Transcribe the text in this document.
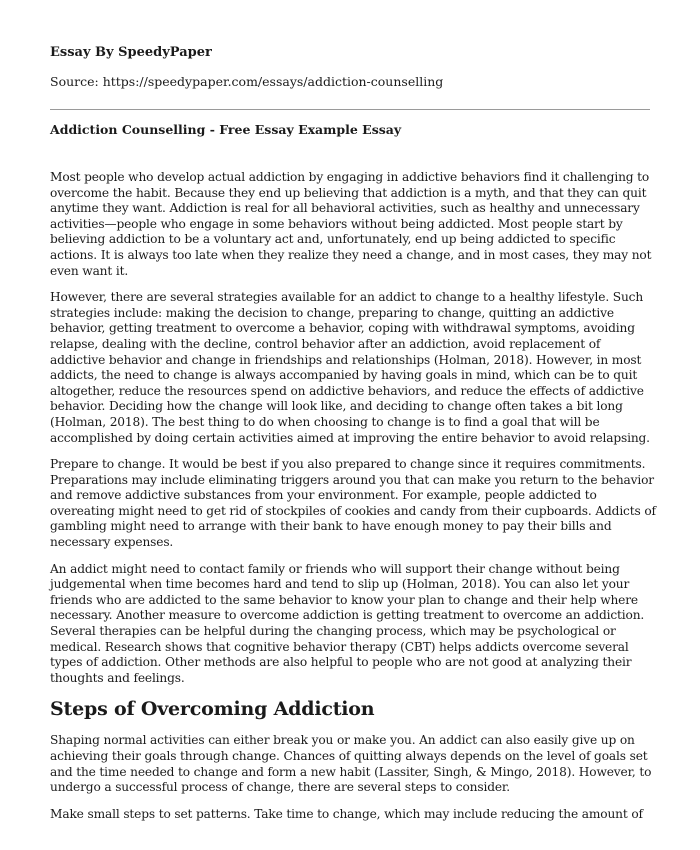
Essay By SpeedyPaper
Source: https://speedypaper.com/essays/addiction-counselling
Addiction Counselling - Free Essay Example Essay

Most people who develop actual addiction by engaging in addictive behaviors find it challenging to overcome the habit. Because they end up believing that addiction is a myth, and that they can quit anytime they want. Addiction is real for all behavioral activities, such as healthy and unnecessary activities—people who engage in some behaviors without being addicted. Most people start by believing addiction to be a voluntary act and, unfortunately, end up being addicted to specific actions. It is always too late when they realize they need a change, and in most cases, they may not even want it.

However, there are several strategies available for an addict to change to a healthy lifestyle. Such strategies include: making the decision to change, preparing to change, quitting an addictive behavior, getting treatment to overcome a behavior, coping with withdrawal symptoms, avoiding relapse, dealing with the decline, control behavior after an addiction, avoid replacement of addictive behavior and change in friendships and relationships (Holman, 2018). However, in most addicts, the need to change is always accompanied by having goals in mind, which can be to quit altogether, reduce the resources spend on addictive behaviors, and reduce the effects of addictive behavior. Deciding how the change will look like, and deciding to change often takes a bit long (Holman, 2018). The best thing to do when choosing to change is to find a goal that will be accomplished by doing certain activities aimed at improving the entire behavior to avoid relapsing.

Prepare to change. It would be best if you also prepared to change since it requires commitments. Preparations may include eliminating triggers around you that can make you return to the behavior and remove addictive substances from your environment. For example, people addicted to overeating might need to get rid of stockpiles of cookies and candy from their cupboards. Addicts of gambling might need to arrange with their bank to have enough money to pay their bills and necessary expenses.

An addict might need to contact family or friends who will support their change without being judgemental when time becomes hard and tend to slip up (Holman, 2018). You can also let your friends who are addicted to the same behavior to know your plan to change and their help where necessary. Another measure to overcome addiction is getting treatment to overcome an addiction. Several therapies can be helpful during the changing process, which may be psychological or medical. Research shows that cognitive behavior therapy (CBT) helps addicts overcome several types of addiction. Other methods are also helpful to people who are not good at analyzing their thoughts and feelings.

Steps of Overcoming Addiction

Shaping normal activities can either break you or make you. An addict can also easily give up on achieving their goals through change. Chances of quitting always depends on the level of goals set and the time needed to change and form a new habit (Lassiter, Singh, & Mingo, 2018). However, to undergo a successful process of change, there are several steps to consider.

Make small steps to set patterns. Take time to change, which may include reducing the amount of
